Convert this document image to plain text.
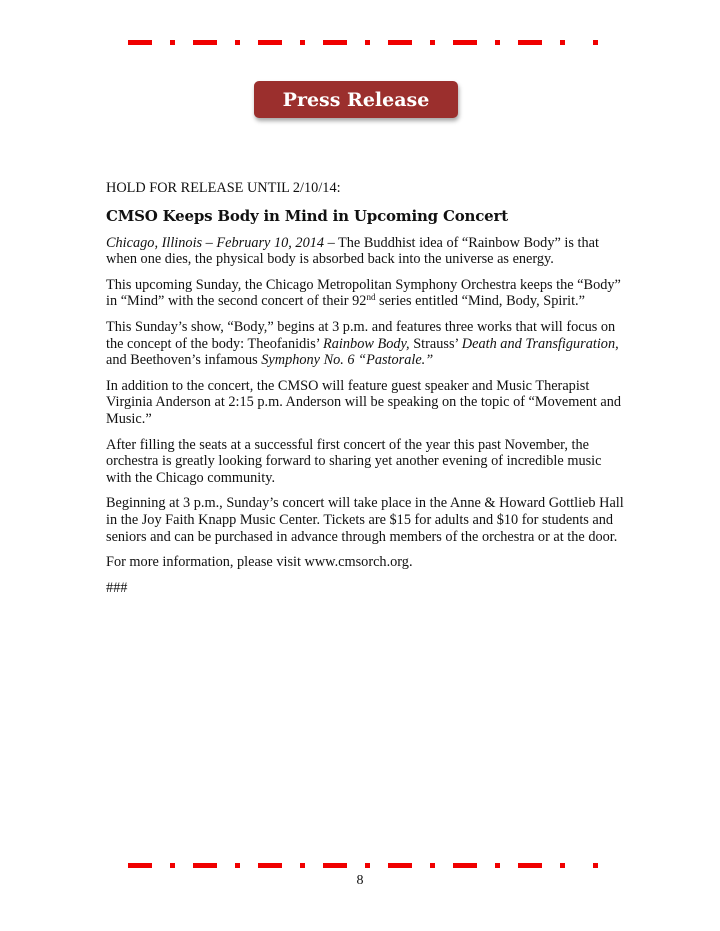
Press Release
HOLD FOR RELEASE UNTIL 2/10/14:
CMSO Keeps Body in Mind in Upcoming Concert

Chicago, Illinois – February 10, 2014 – The Buddhist idea of “Rainbow Body” is that when one dies, the physical body is absorbed back into the universe as energy.

This upcoming Sunday, the Chicago Metropolitan Symphony Orchestra keeps the “Body” in “Mind” with the second concert of their 92nd series entitled “Mind, Body, Spirit.”

This Sunday’s show, “Body,” begins at 3 p.m. and features three works that will focus on the concept of the body: Theofanidis’ Rainbow Body, Strauss’ Death and Transfiguration, and Beethoven’s infamous Symphony No. 6 “Pastorale.”

In addition to the concert, the CMSO will feature guest speaker and Music Therapist Virginia Anderson at 2:15 p.m. Anderson will be speaking on the topic of “Movement and Music.”

After filling the seats at a successful first concert of the year this past November, the orchestra is greatly looking forward to sharing yet another evening of incredible music with the Chicago community.

Beginning at 3 p.m., Sunday’s concert will take place in the Anne & Howard Gottlieb Hall in the Joy Faith Knapp Music Center. Tickets are $15 for adults and $10 for students and seniors and can be purchased in advance through members of the orchestra or at the door.

For more information, please visit www.cmsorch.org.

###

8
